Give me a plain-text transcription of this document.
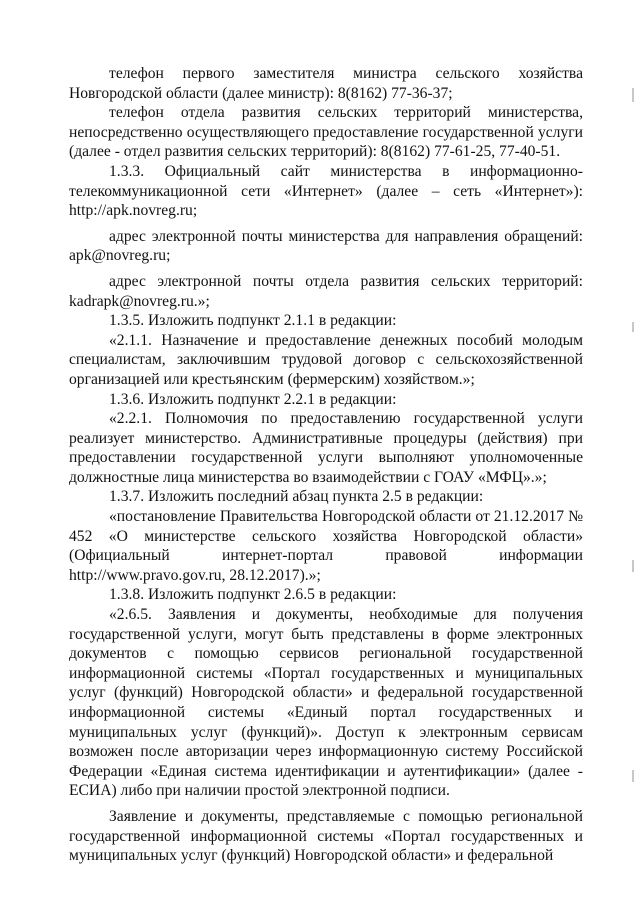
телефон первого заместителя министра сельского хозяйства Новгородской области (далее министр): 8(8162) 77-36-37;

телефон отдела развития сельских территорий министерства, непосредственно осуществляющего предоставление государственной услуги (далее - отдел развития сельских территорий): 8(8162) 77-61-25, 77-40-51.

1.3.3. Официальный сайт министерства в информационно-телекоммуникационной сети «Интернет» (далее – сеть «Интернет»): http://apk.novreg.ru;

адрес электронной почты министерства для направления обращений: apk@novreg.ru;

адрес электронной почты отдела развития сельских территорий: kadrapk@novreg.ru.»;

1.3.5. Изложить подпункт 2.1.1 в редакции:

«2.1.1. Назначение и предоставление денежных пособий молодым специалистам, заключившим трудовой договор с сельскохозяйственной организацией или крестьянским (фермерским) хозяйством.»;

1.3.6. Изложить подпункт 2.2.1 в редакции:

«2.2.1. Полномочия по предоставлению государственной услуги реализует министерство. Административные процедуры (действия) при предоставлении государственной услуги выполняют уполномоченные должностные лица министерства во взаимодействии с ГОАУ «МФЦ».»;

1.3.7. Изложить последний абзац пункта 2.5 в редакции:

«постановление Правительства Новгородской области от 21.12.2017 № 452 «О министерстве сельского хозяйства Новгородской области» (Официальный интернет-портал правовой информации http://www.pravo.gov.ru, 28.12.2017).»;

1.3.8. Изложить подпункт 2.6.5 в редакции:

«2.6.5. Заявления и документы, необходимые для получения государственной услуги, могут быть представлены в форме электронных документов с помощью сервисов региональной государственной информационной системы «Портал государственных и муниципальных услуг (функций) Новгородской области» и федеральной государственной информационной системы «Единый портал государственных и муниципальных услуг (функций)». Доступ к электронным сервисам возможен после авторизации через информационную систему Российской Федерации «Единая система идентификации и аутентификации» (далее - ЕСИА) либо при наличии простой электронной подписи.

Заявление и документы, представляемые с помощью региональной государственной информационной системы «Портал государственных и муниципальных услуг (функций) Новгородской области» и федеральной
